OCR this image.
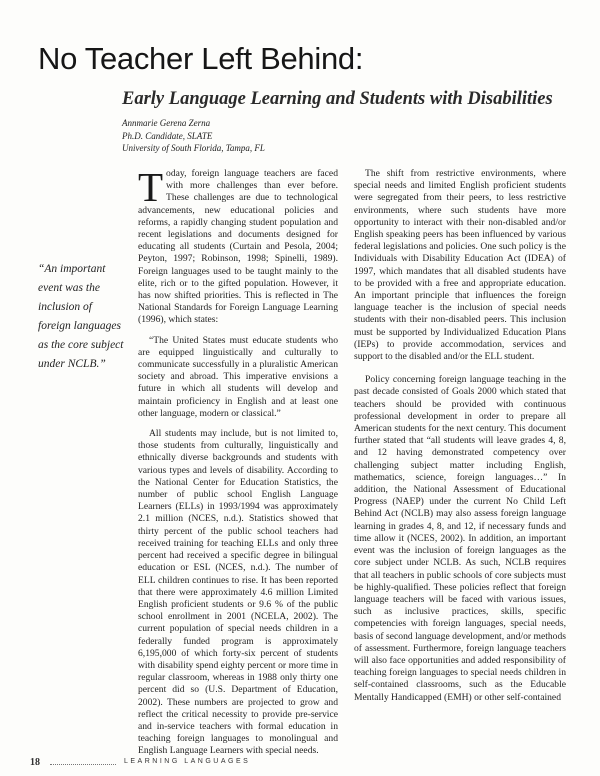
No Teacher Left Behind:
Early Language Learning and Students with Disabilities
Annmarie Gerena Zerna
Ph.D. Candidate, SLATE
University of South Florida, Tampa, FL
“An important event was the inclusion of foreign languages as the core subject under NCLB.”

Today, foreign language teachers are faced with more challenges than ever before. These challenges are due to technological advancements, new educational policies and reforms, a rapidly changing student population and recent legislations and documents designed for educating all students (Curtain and Pesola, 2004; Peyton, 1997; Robinson, 1998; Spinelli, 1989). Foreign languages used to be taught mainly to the elite, rich or to the gifted population. However, it has now shifted priorities. This is reflected in The National Standards for Foreign Language Learning (1996), which states:

“The United States must educate students who are equipped linguistically and culturally to communicate successfully in a pluralistic American society and abroad. This imperative envisions a future in which all students will develop and maintain proficiency in English and at least one other language, modern or classical.”

All students may include, but is not limited to, those students from culturally, linguistically and ethnically diverse backgrounds and students with various types and levels of disability. According to the National Center for Education Statistics, the number of public school English Language Learners (ELLs) in 1993/1994 was approximately 2.1 million (NCES, n.d.). Statistics showed that thirty percent of the public school teachers had received training for teaching ELLs and only three percent had received a specific degree in bilingual education or ESL (NCES, n.d.). The number of ELL children continues to rise. It has been reported that there were approximately 4.6 million Limited English proficient students or 9.6 % of the public school enrollment in 2001 (NCELA, 2002). The current population of special needs children in a federally funded program is approximately 6,195,000 of which forty-six percent of students with disability spend eighty percent or more time in regular classroom, whereas in 1988 only thirty one percent did so (U.S. Department of Education, 2002). These numbers are projected to grow and reflect the critical necessity to provide pre-service and in-service teachers with formal education in teaching foreign languages to monolingual and English Language Learners with special needs.

The shift from restrictive environments, where special needs and limited English proficient students were segregated from their peers, to less restrictive environments, where such students have more opportunity to interact with their non-disabled and/or English speaking peers has been influenced by various federal legislations and policies. One such policy is the Individuals with Disability Education Act (IDEA) of 1997, which mandates that all disabled students have to be provided with a free and appropriate education. An important principle that influences the foreign language teacher is the inclusion of special needs students with their non-disabled peers. This inclusion must be supported by Individualized Education Plans (IEPs) to provide accommodation, services and support to the disabled and/or the ELL student.

Policy concerning foreign language teaching in the past decade consisted of Goals 2000 which stated that teachers should be provided with continuous professional development in order to prepare all American students for the next century. This document further stated that “all students will leave grades 4, 8, and 12 having demonstrated competency over challenging subject matter including English, mathematics, science, foreign languages…” In addition, the National Assessment of Educational Progress (NAEP) under the current No Child Left Behind Act (NCLB) may also assess foreign language learning in grades 4, 8, and 12, if necessary funds and time allow it (NCES, 2002). In addition, an important event was the inclusion of foreign languages as the core subject under NCLB. As such, NCLB requires that all teachers in public schools of core subjects must be highly-qualified. These policies reflect that foreign language teachers will be faced with various issues, such as inclusive practices, skills, specific competencies with foreign languages, special needs, basis of second language development, and/or methods of assessment. Furthermore, foreign language teachers will also face opportunities and added responsibility of teaching foreign languages to special needs children in self-contained classrooms, such as the Educable Mentally Handicapped (EMH) or other self-contained

18	LEARNING LANGUAGES
